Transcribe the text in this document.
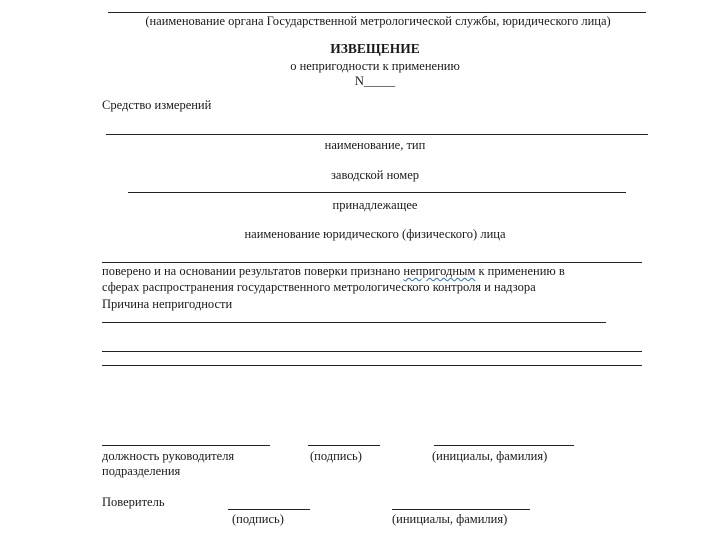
(наименование органа Государственной метрологической службы, юридического лица)
ИЗВЕЩЕНИЕ
о непригодности к применению
N_____
Средство измерений
наименование, тип
заводской номер
принадлежащее
наименование юридического (физического) лица
поверено и на основании результатов поверки признано непригодным к применению в
сферах распространения государственного метрологического контроля и надзора
Причина непригодности
должность руководителя
подразделения
(подпись)	(инициалы, фамилия)
Поверитель
(подпись)	(инициалы, фамилия)
